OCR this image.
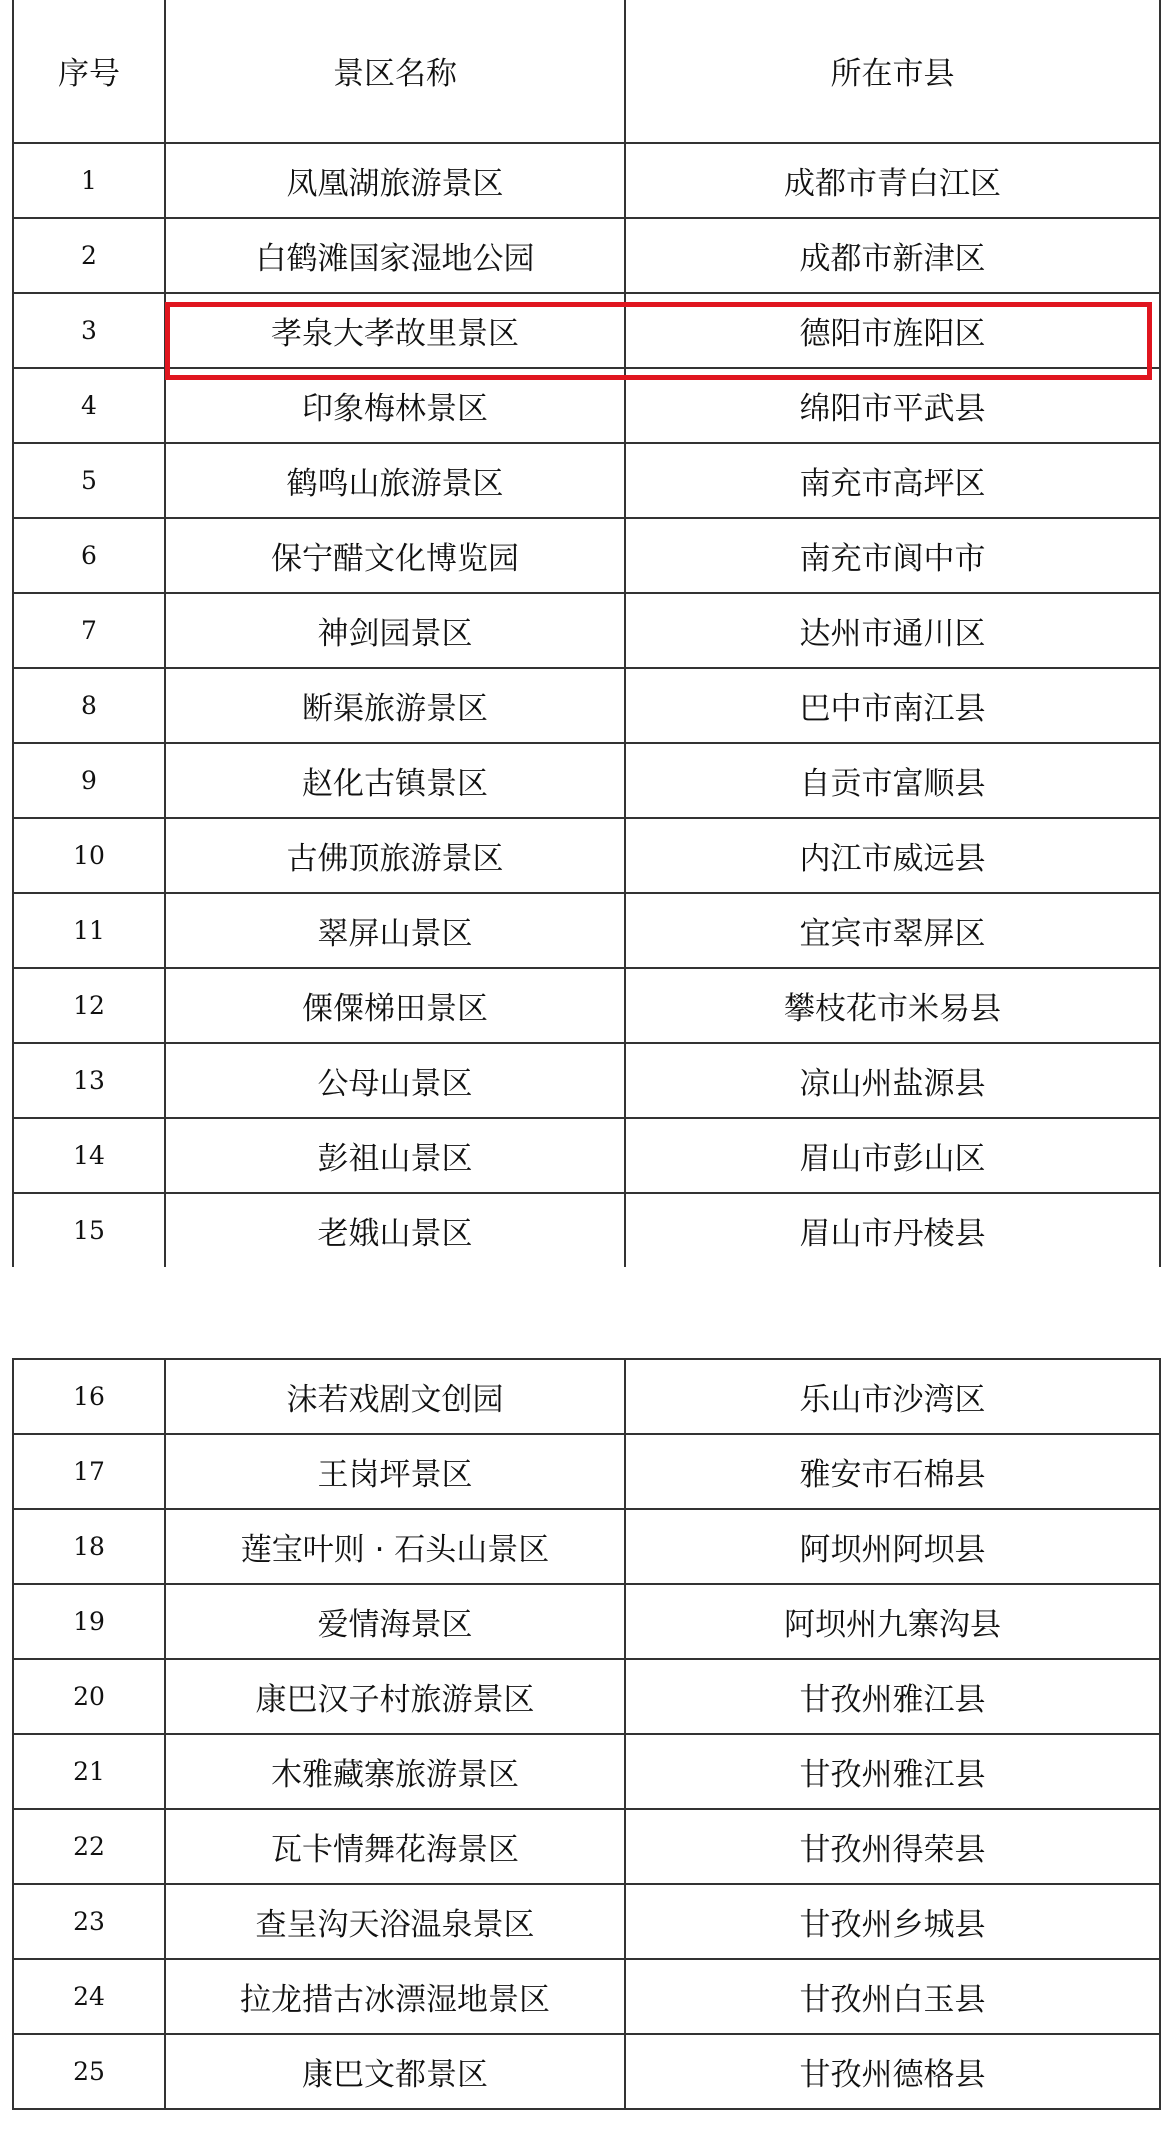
序号	景区名称	所在市县
1	凤凰湖旅游景区	成都市青白江区
2	白鹤滩国家湿地公园	成都市新津区
3	孝泉大孝故里景区	德阳市旌阳区
4	印象梅林景区	绵阳市平武县
5	鹤鸣山旅游景区	南充市高坪区
6	保宁醋文化博览园	南充市阆中市
7	神剑园景区	达州市通川区
8	断渠旅游景区	巴中市南江县
9	赵化古镇景区	自贡市富顺县
10	古佛顶旅游景区	内江市威远县
11	翠屏山景区	宜宾市翠屏区
12	傈僳梯田景区	攀枝花市米易县
13	公母山景区	凉山州盐源县
14	彭祖山景区	眉山市彭山区
15	老娥山景区	眉山市丹棱县
16	沫若戏剧文创园	乐山市沙湾区
17	王岗坪景区	雅安市石棉县
18	莲宝叶则 · 石头山景区	阿坝州阿坝县
19	爱情海景区	阿坝州九寨沟县
20	康巴汉子村旅游景区	甘孜州雅江县
21	木雅藏寨旅游景区	甘孜州雅江县
22	瓦卡情舞花海景区	甘孜州得荣县
23	查呈沟天浴温泉景区	甘孜州乡城县
24	拉龙措古冰漂湿地景区	甘孜州白玉县
25	康巴文都景区	甘孜州德格县
